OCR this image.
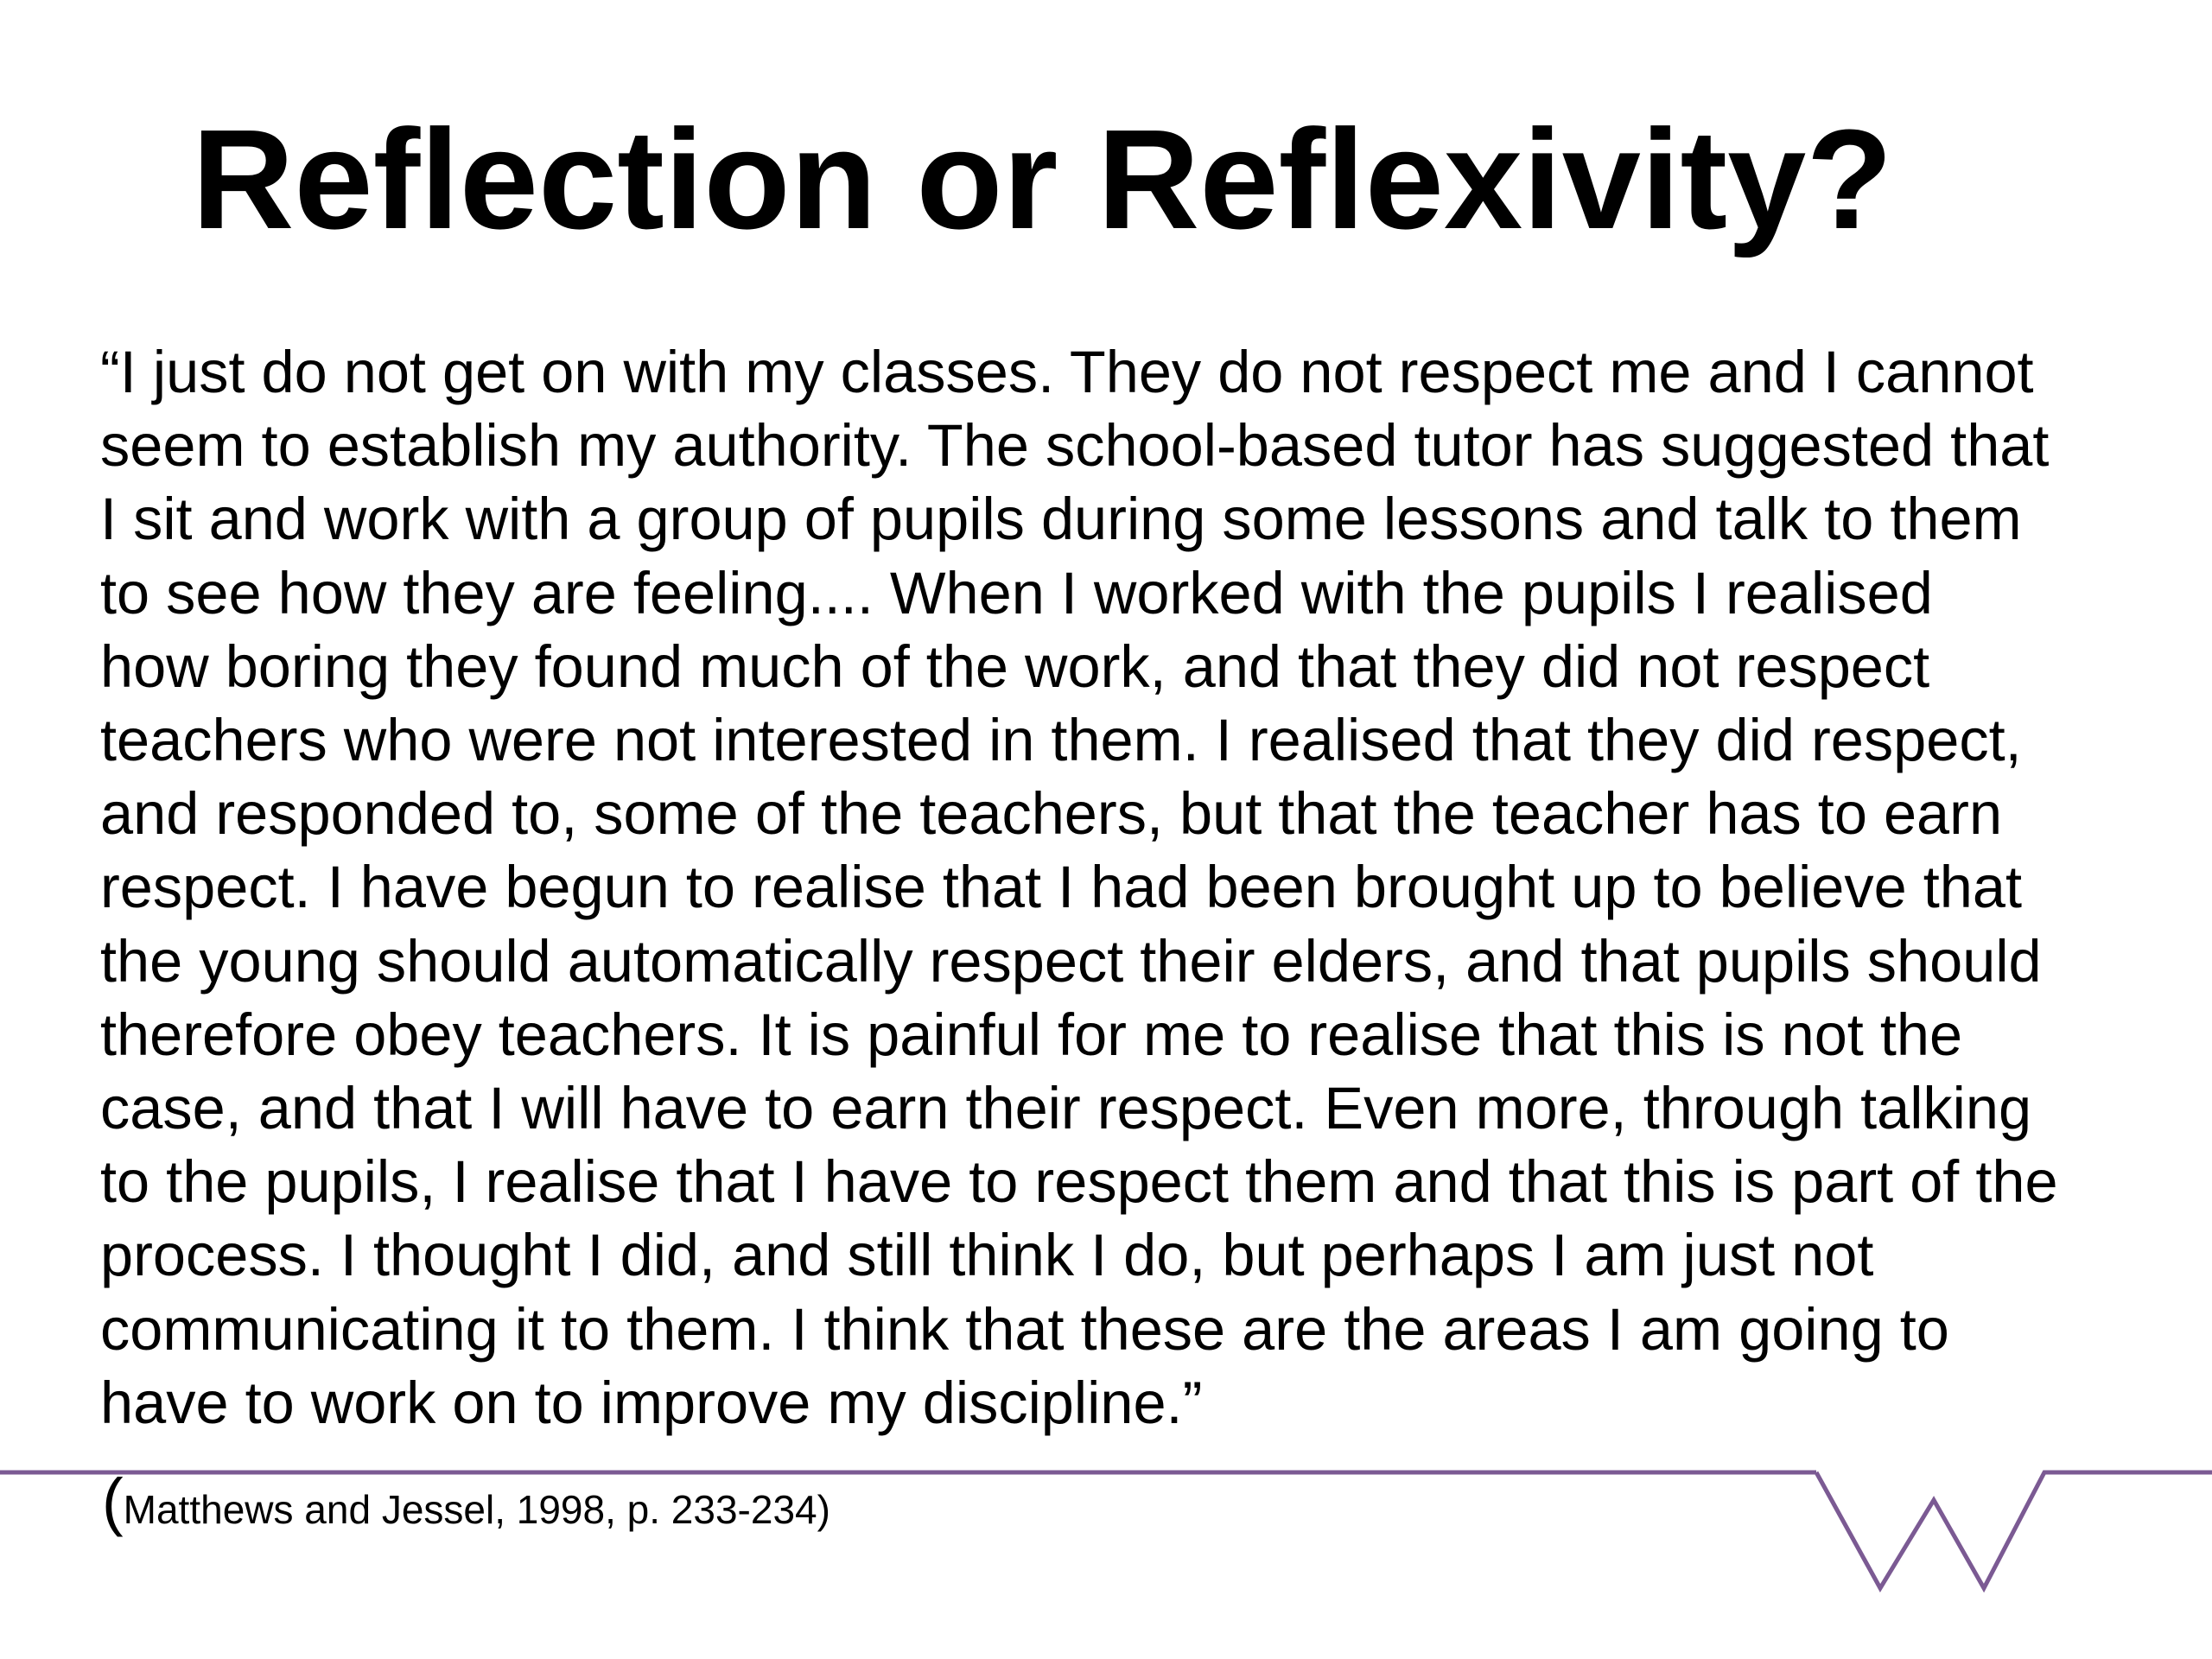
Reflection or Reflexivity?
“I just do not get on with my classes. They do not respect me and I cannot
seem to establish my authority. The school-based tutor has suggested that
I sit and work with a group of pupils during some lessons and talk to them
to see how they are feeling.... When I worked with the pupils I realised
how boring they found much of the work, and that they did not respect
teachers who were not interested in them. I realised that they did respect,
and responded to, some of the teachers, but that the teacher has to earn
respect. I have begun to realise that I had been brought up to believe that
the young should automatically respect their elders, and that pupils should
therefore obey teachers. It is painful for me to realise that this is not the
case, and that I will have to earn their respect. Even more, through talking
to the pupils, I realise that I have to respect them and that this is part of the
process. I thought I did, and still think I do, but perhaps I am just not
communicating it to them. I think that these are the areas I am going to
have to work on to improve my discipline.”
(Matthews and Jessel, 1998, p. 233-234)
